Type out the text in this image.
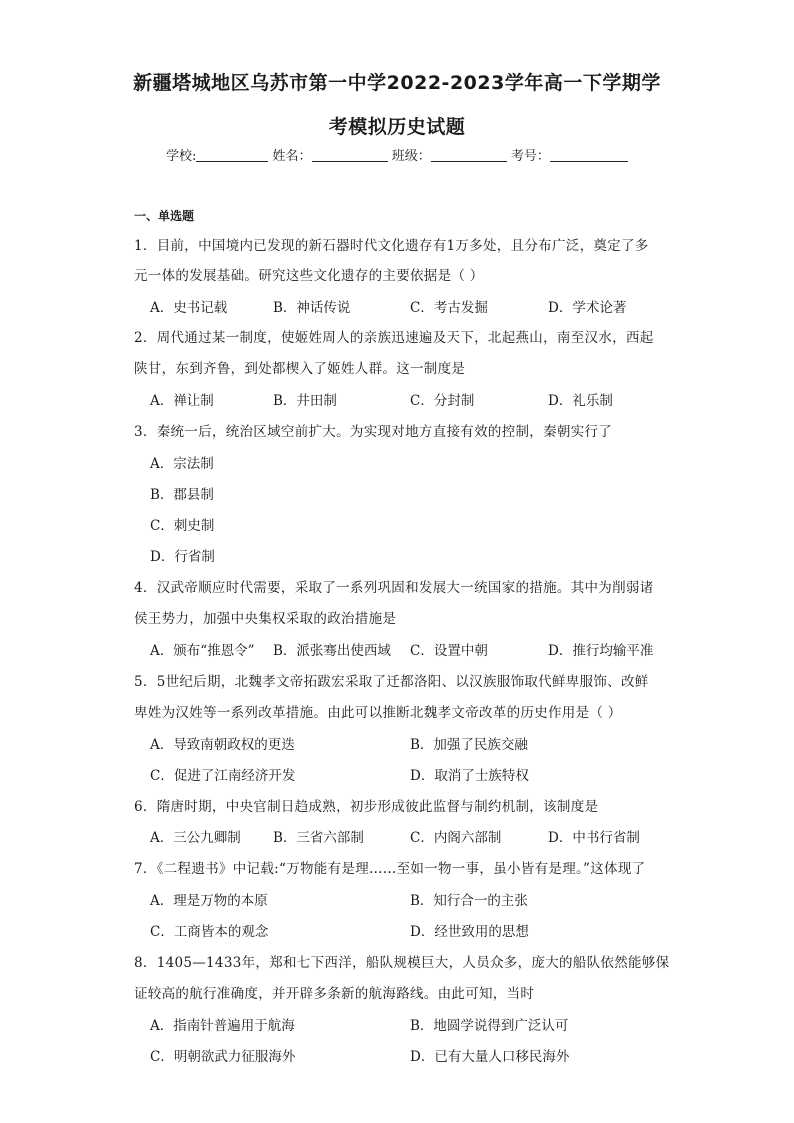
新疆塔城地区乌苏市第一中学2022-2023学年高一下学期学
考模拟历史试题
学校:	姓名：	班级：	考号：
一、单选题
1．目前，中国境内已发现的新石器时代文化遗存有1万多处，且分布广泛，奠定了多
元一体的发展基础。研究这些文化遗存的主要依据是（ ）
A．史书记载	B．神话传说	C．考古发掘	D．学术论著
2．周代通过某一制度，使姬姓周人的亲族迅速遍及天下，北起燕山，南至汉水，西起
陕甘，东到齐鲁，到处都楔入了姬姓人群。这一制度是
A．禅让制	B．井田制	C．分封制	D．礼乐制
3．秦统一后，统治区域空前扩大。为实现对地方直接有效的控制，秦朝实行了
A．宗法制
B．郡县制
C．刺史制
D．行省制
4．汉武帝顺应时代需要，采取了一系列巩固和发展大一统国家的措施。其中为削弱诸
侯王势力，加强中央集权采取的政治措施是
A．颁布“推恩令” B．派张骞出使西域 C．设置中朝	D．推行均输平准
5．5世纪后期，北魏孝文帝拓跋宏采取了迁都洛阳、以汉族服饰取代鲜卑服饰、改鲜
卑姓为汉姓等一系列改革措施。由此可以推断北魏孝文帝改革的历史作用是（ ）
A．导致南朝政权的更迭	B．加强了民族交融
C．促进了江南经济开发	D．取消了士族特权
6．隋唐时期，中央官制日趋成熟，初步形成彼此监督与制约机制，该制度是
A．三公九卿制 B．三省六部制	C．内阁六部制	D．中书行省制
7．《二程遗书》中记载:“万物能有是理……至如一物一事，虽小皆有是理。”这体现了
A．理是万物的本原	B．知行合一的主张
C．工商皆本的观念	D．经世致用的思想
8．1405—1433年，郑和七下西洋，船队规模巨大，人员众多，庞大的船队依然能够保
证较高的航行准确度，并开辟多条新的航海路线。由此可知，当时
A．指南针普遍用于航海	B．地圆学说得到广泛认可
C．明朝欲武力征服海外	D．已有大量人口移民海外
